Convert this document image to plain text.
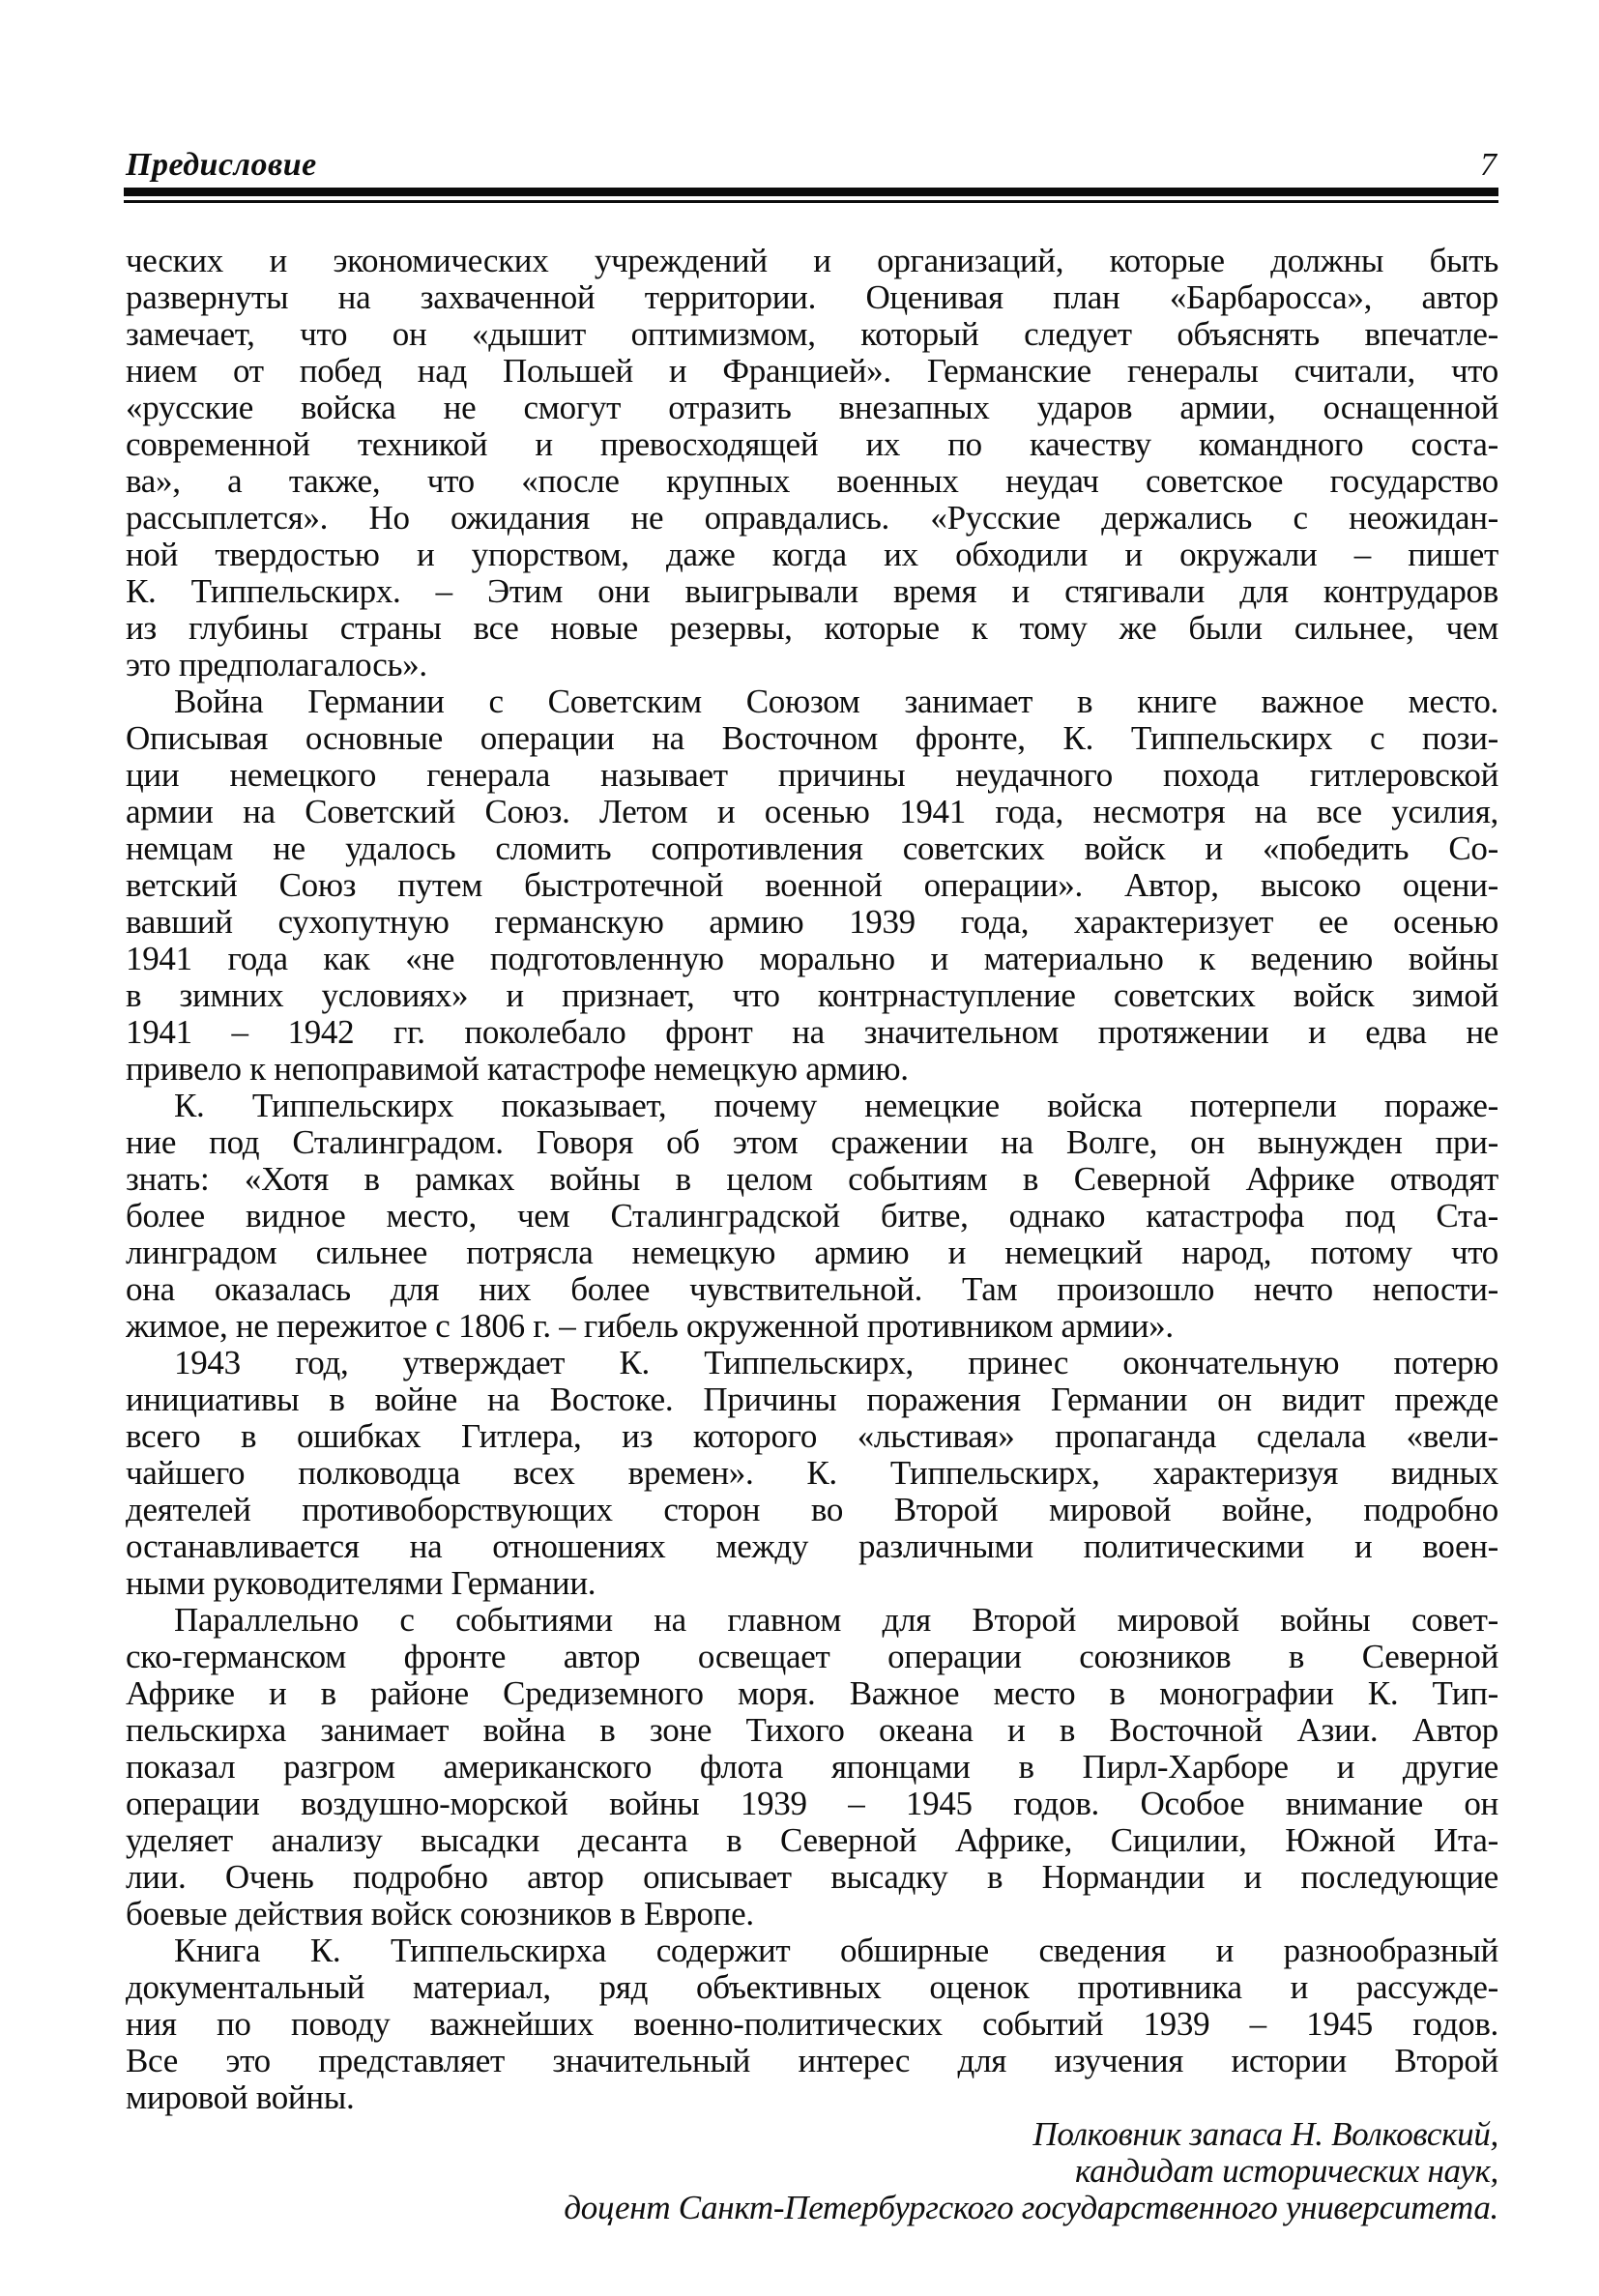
Предисловие	7
ческих и экономических учреждений и организаций, которые должны быть
развернуты на захваченной территории. Оценивая план «Барбаросса», автор
замечает, что он «дышит оптимизмом, который следует объяснять впечатле-
нием от побед над Польшей и Францией». Германские генералы считали, что
«русские войска не смогут отразить внезапных ударов армии, оснащенной
современной техникой и превосходящей их по качеству командного соста-
ва», а также, что «после крупных военных неудач советское государство
рассыплется». Но ожидания не оправдались. «Русские держались с неожидан-
ной твердостью и упорством, даже когда их обходили и окружали – пишет
К. Типпельскирх. – Этим они выигрывали время и стягивали для контрударов
из глубины страны все новые резервы, которые к тому же были сильнее, чем
это предполагалось».
Война Германии с Советским Союзом занимает в книге важное место.
Описывая основные операции на Восточном фронте, К. Типпельскирх с пози-
ции немецкого генерала называет причины неудачного похода гитлеровской
армии на Советский Союз. Летом и осенью 1941 года, несмотря на все усилия,
немцам не удалось сломить сопротивления советских войск и «победить Со-
ветский Союз путем быстротечной военной операции». Автор, высоко оцени-
вавший сухопутную германскую армию 1939 года, характеризует ее осенью
1941 года как «не подготовленную морально и материально к ведению войны
в зимних условиях» и признает, что контрнаступление советских войск зимой
1941 – 1942 гг. поколебало фронт на значительном протяжении и едва не
привело к непоправимой катастрофе немецкую армию.
К. Типпельскирх показывает, почему немецкие войска потерпели пораже-
ние под Сталинградом. Говоря об этом сражении на Волге, он вынужден при-
знать: «Хотя в рамках войны в целом событиям в Северной Африке отводят
более видное место, чем Сталинградской битве, однако катастрофа под Ста-
линградом сильнее потрясла немецкую армию и немецкий народ, потому что
она оказалась для них более чувствительной. Там произошло нечто непости-
жимое, не пережитое с 1806 г. – гибель окруженной противником армии».
1943 год, утверждает К. Типпельскирх, принес окончательную потерю
инициативы в войне на Востоке. Причины поражения Германии он видит прежде
всего в ошибках Гитлера, из которого «льстивая» пропаганда сделала «вели-
чайшего полководца всех времен». К. Типпельскирх, характеризуя видных
деятелей противоборствующих сторон во Второй мировой войне, подробно
останавливается на отношениях между различными политическими и воен-
ными руководителями Германии.
Параллельно с событиями на главном для Второй мировой войны совет-
ско-германском фронте автор освещает операции союзников в Северной
Африке и в районе Средиземного моря. Важное место в монографии К. Тип-
пельскирха занимает война в зоне Тихого океана и в Восточной Азии. Автор
показал разгром американского флота японцами в Пирл-Харборе и другие
операции воздушно-морской войны 1939 – 1945 годов. Особое внимание он
уделяет анализу высадки десанта в Северной Африке, Сицилии, Южной Ита-
лии. Очень подробно автор описывает высадку в Нормандии и последующие
боевые действия войск союзников в Европе.
Книга К. Типпельскирха содержит обширные сведения и разнообразный
документальный материал, ряд объективных оценок противника и рассужде-
ния по поводу важнейших военно-политических событий 1939 – 1945 годов.
Все это представляет значительный интерес для изучения истории Второй
мировой войны.
Полковник запаса Н. Волковский,
кандидат исторических наук,
доцент Санкт-Петербургского государственного университета.
